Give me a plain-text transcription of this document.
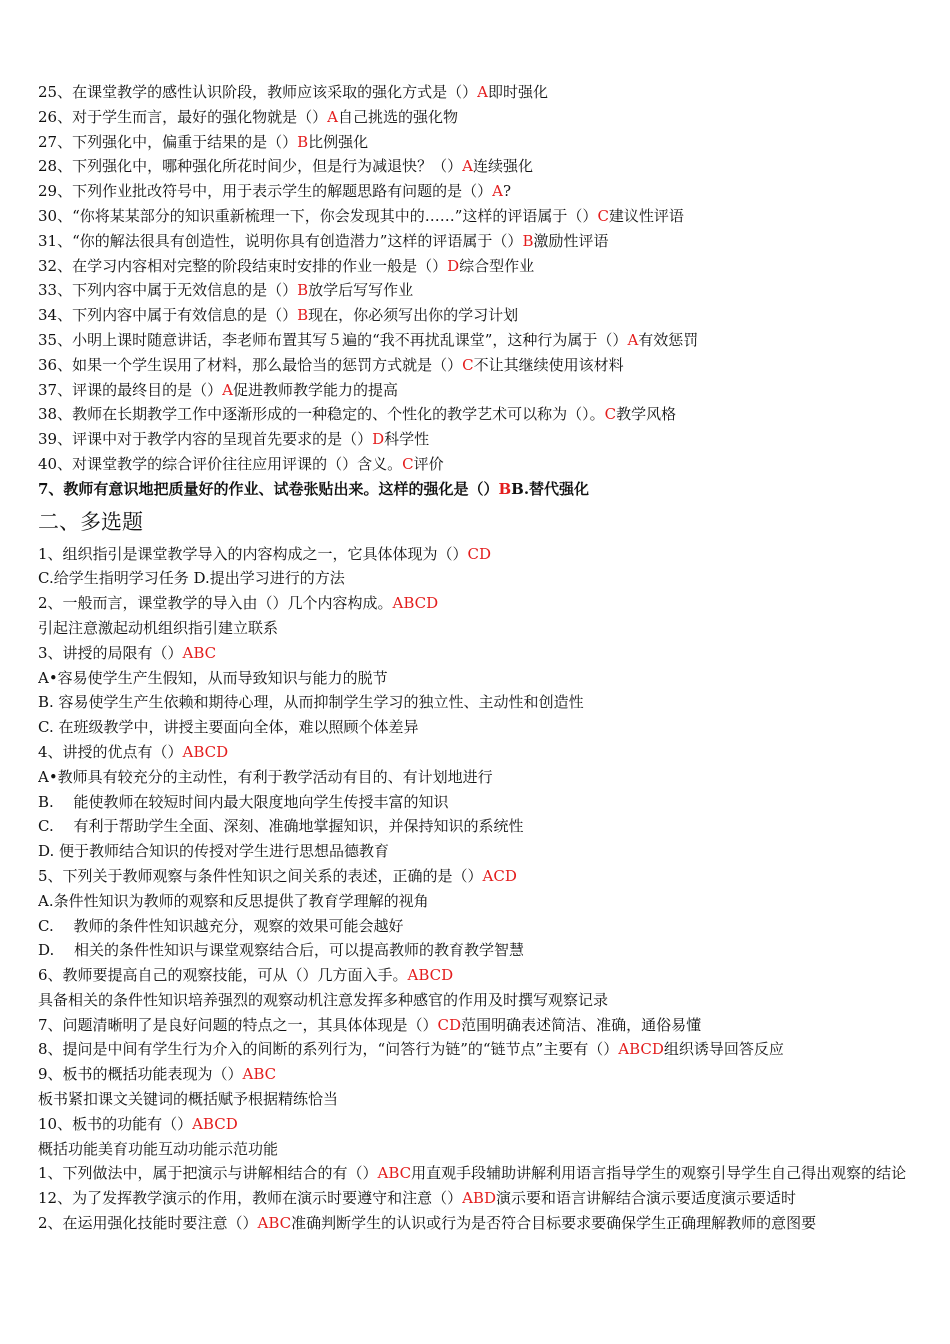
25、在课堂教学的感性认识阶段，教师应该采取的强化方式是（）A即时强化
26、对于学生而言，最好的强化物就是（）A自己挑选的强化物
27、下列强化中，偏重于结果的是（）B比例强化
28、下列强化中，哪种强化所花时间少，但是行为减退快？（）A连续强化
29、下列作业批改符号中，用于表示学生的解题思路有问题的是（）A?
30、“你将某某部分的知识重新梳理一下，你会发现其中的……”这样的评语属于（）C建议性评语
31、“你的解法很具有创造性，说明你具有创造潜力”这样的评语属于（）B激励性评语
32、在学习内容相对完整的阶段结束时安排的作业一般是（）D综合型作业
33、下列内容中属于无效信息的是（）B放学后写写作业
34、下列内容中属于有效信息的是（）B现在，你必须写出你的学习计划
35、小明上课时随意讲话，李老师布置其写５遍的“我不再扰乱课堂”，这种行为属于（）A有效惩罚
36、如果一个学生误用了材料，那么最恰当的惩罚方式就是（）C不让其继续使用该材料
37、评课的最终目的是（）A促进教师教学能力的提高
38、教师在长期教学工作中逐渐形成的一种稳定的、个性化的教学艺术可以称为（）。C教学风格
39、评课中对于教学内容的呈现首先要求的是（）D科学性
40、对课堂教学的综合评价往往应用评课的（）含义。C评价
7、教师有意识地把质量好的作业、试卷张贴出来。这样的强化是（）BB.替代强化
二、多选题
1、组织指引是课堂教学导入的内容构成之一，它具体体现为（）CD
C.给学生指明学习任务 D.提出学习进行的方法
2、一般而言，课堂教学的导入由（）几个内容构成。ABCD
引起注意激起动机组织指引建立联系
3、讲授的局限有（）ABC
A•容易使学生产生假知，从而导致知识与能力的脱节
B. 容易使学生产生依赖和期待心理，从而抑制学生学习的独立性、主动性和创造性
C. 在班级教学中，讲授主要面向全体，难以照顾个体差异
4、讲授的优点有（）ABCD
A•教师具有较充分的主动性，有利于教学活动有目的、有计划地进行
B.　 能使教师在较短时间内最大限度地向学生传授丰富的知识
C.　 有利于帮助学生全面、深刻、准确地掌握知识，并保持知识的系统性
D. 便于教师结合知识的传授对学生进行思想品德教育
5、下列关于教师观察与条件性知识之间关系的表述，正确的是（）ACD
A.条件性知识为教师的观察和反思提供了教育学理解的视角
C.　 教师的条件性知识越充分，观察的效果可能会越好
D.　 相关的条件性知识与课堂观察结合后，可以提高教师的教育教学智慧
6、教师要提高自己的观察技能，可从（）几方面入手。ABCD
具备相关的条件性知识培养强烈的观察动机注意发挥多种感官的作用及时撰写观察记录
7、问题清晰明了是良好问题的特点之一，其具体体现是（）CD范围明确表述简洁、准确，通俗易懂
8、提问是中间有学生行为介入的间断的系列行为，“问答行为链”的“链节点”主要有（）ABCD组织诱导回答反应
9、板书的概括功能表现为（）ABC
板书紧扣课文关键词的概括赋予根据精练恰当
10、板书的功能有（）ABCD
概括功能美育功能互动功能示范功能
1、下列做法中，属于把演示与讲解相结合的有（）ABC用直观手段辅助讲解利用语言指导学生的观察引导学生自己得出观察的结论
12、为了发挥教学演示的作用，教师在演示时要遵守和注意（）ABD演示要和语言讲解结合演示要适度演示要适时
2、在运用强化技能时要注意（）ABC准确判断学生的认识或行为是否符合目标要求要确保学生正确理解教师的意图要
